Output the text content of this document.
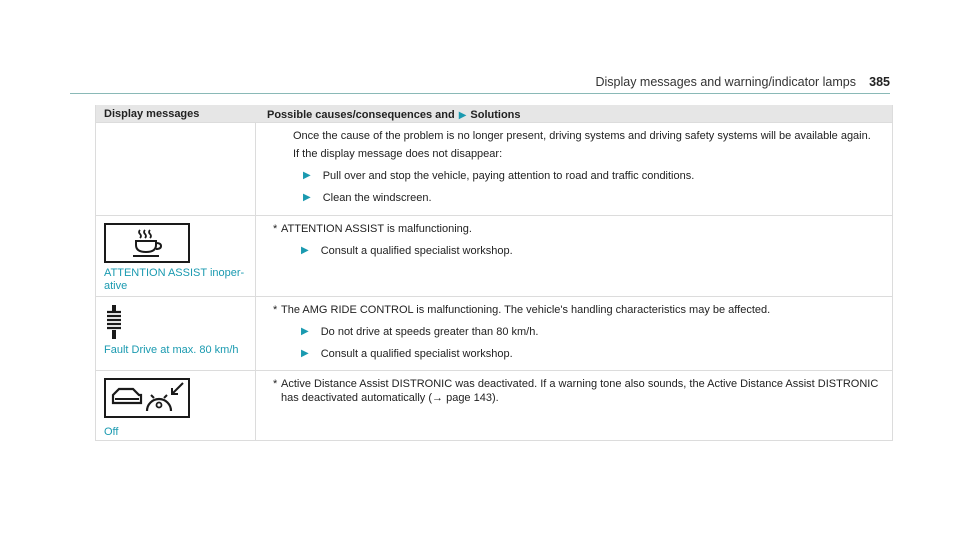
Display messages and warning/indicator lamps 385
Display messages	Possible causes/consequences and ▶ Solutions

Once the cause of the problem is no longer present, driving systems and driving safety systems will be available again.

If the display message does not disappear:

▶ Pull over and stop the vehicle, paying attention to road and traffic conditions.
▶ Clean the windscreen.
ATTENTION ASSIST inoper-ative
* ATTENTION ASSIST is malfunctioning.
▶ Consult a qualified specialist workshop.
Fault Drive at max. 80 km/h
* The AMG RIDE CONTROL is malfunctioning. The vehicle's handling characteristics may be affected.
▶ Do not drive at speeds greater than 80 km/h.
▶ Consult a qualified specialist workshop.
Off
* Active Distance Assist DISTRONIC was deactivated. If a warning tone also sounds, the Active Distance Assist DISTRONIC has deactivated automatically (→ page 143).
